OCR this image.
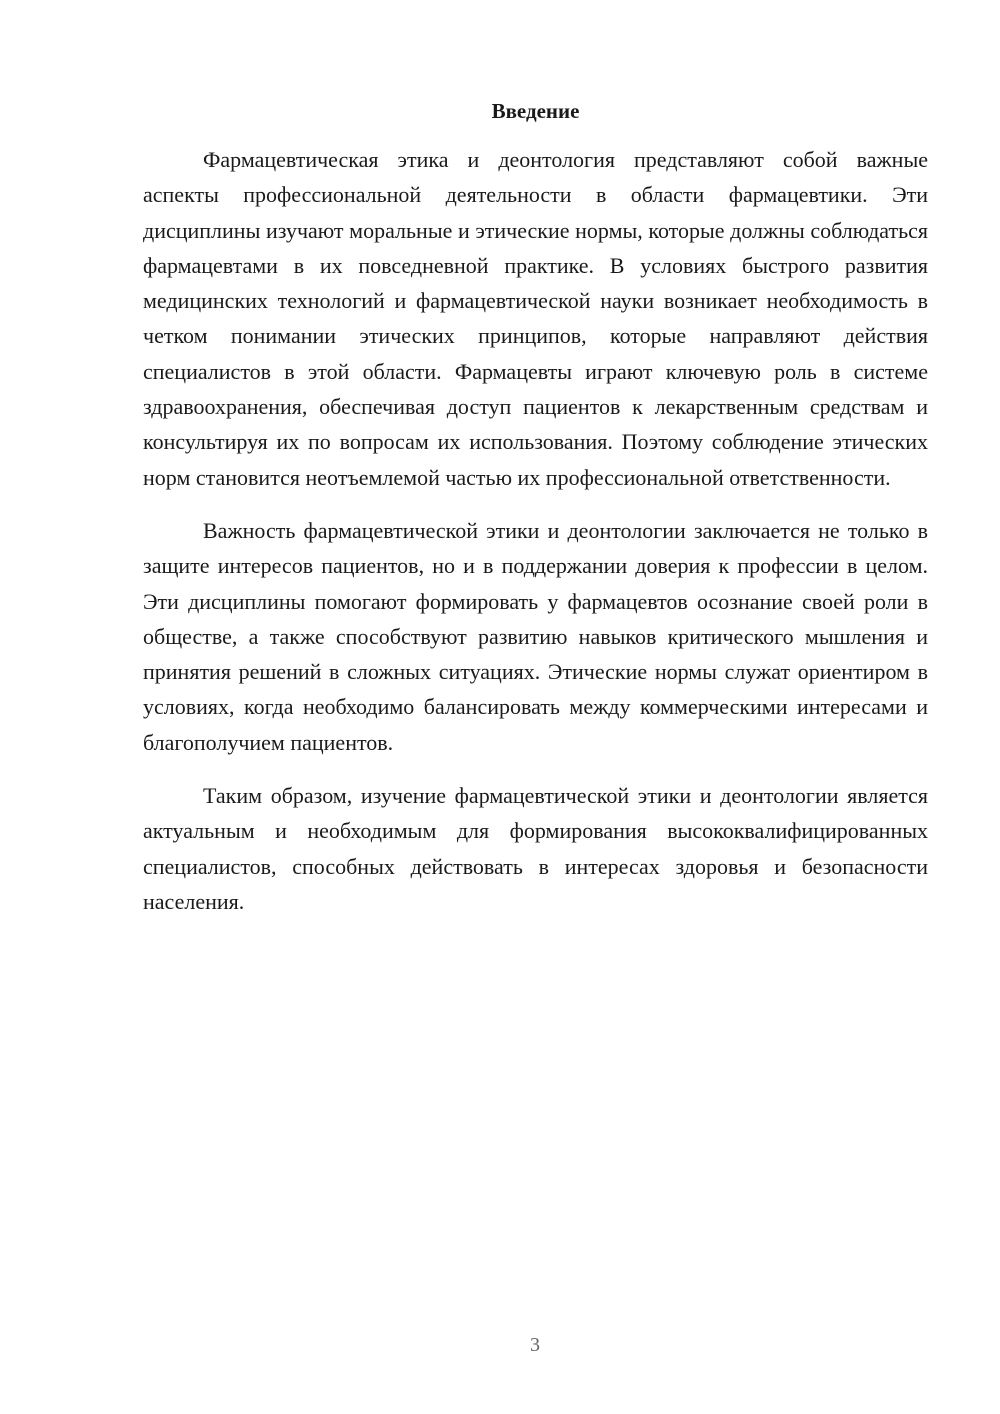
Введение

Фармацевтическая этика и деонтология представляют собой важные аспекты профессиональной деятельности в области фармацевтики. Эти дисциплины изучают моральные и этические нормы, которые должны соблюдаться фармацевтами в их повседневной практике. В условиях быстрого развития медицинских технологий и фармацевтической науки возникает необходимость в четком понимании этических принципов, которые направляют действия специалистов в этой области. Фармацевты играют ключевую роль в системе здравоохранения, обеспечивая доступ пациентов к лекарственным средствам и консультируя их по вопросам их использования. Поэтому соблюдение этических норм становится неотъемлемой частью их профессиональной ответственности.

Важность фармацевтической этики и деонтологии заключается не только в защите интересов пациентов, но и в поддержании доверия к профессии в целом. Эти дисциплины помогают формировать у фармацевтов осознание своей роли в обществе, а также способствуют развитию навыков критического мышления и принятия решений в сложных ситуациях. Этические нормы служат ориентиром в условиях, когда необходимо балансировать между коммерческими интересами и благополучием пациентов.

Таким образом, изучение фармацевтической этики и деонтологии является актуальным и необходимым для формирования высококвалифицированных специалистов, способных действовать в интересах здоровья и безопасности населения.

3
